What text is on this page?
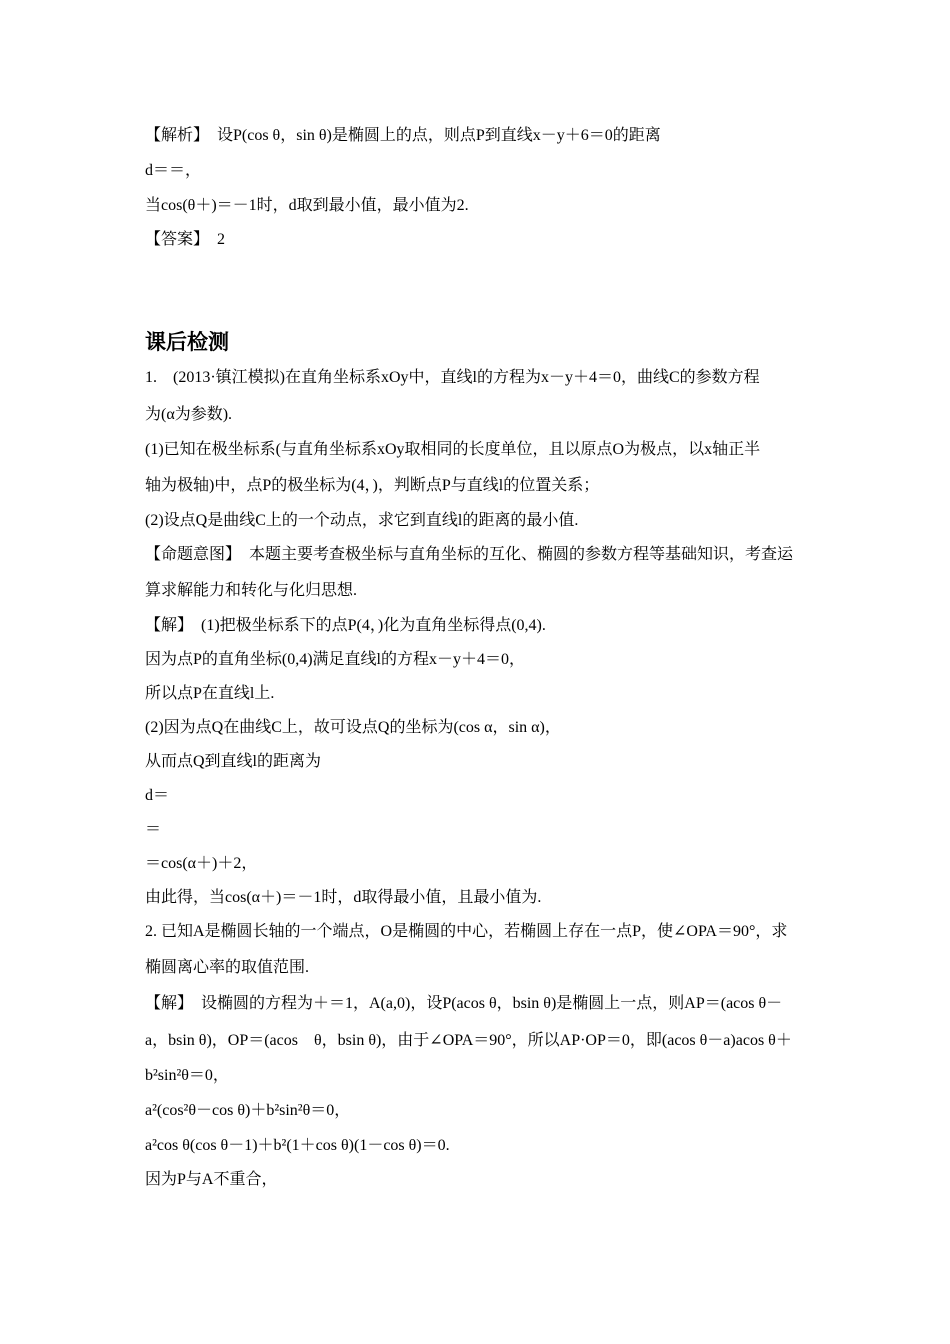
【解析】　设P(cos θ，sin θ)是椭圆上的点，则点P到直线x－y＋6＝0的距离
d＝＝，
当cos(θ＋)＝－1时，d取到最小值，最小值为2.
【答案】　2
课后检测
1.　(2013·镇江模拟)在直角坐标系xOy中，直线l的方程为x－y＋4＝0，曲线C的参数方程
为(α为参数).
(1)已知在极坐标系(与直角坐标系xOy取相同的长度单位，且以原点O为极点，以x轴正半
轴为极轴)中，点P的极坐标为(4，)，判断点P与直线l的位置关系；
(2)设点Q是曲线C上的一个动点，求它到直线l的距离的最小值.
【命题意图】　本题主要考查极坐标与直角坐标的互化、椭圆的参数方程等基础知识，考查运
算求解能力和转化与化归思想.
【解】　(1)把极坐标系下的点P(4，)化为直角坐标得点(0,4).
因为点P的直角坐标(0,4)满足直线l的方程x－y＋4＝0，
所以点P在直线l上.
(2)因为点Q在曲线C上，故可设点Q的坐标为(cos α，sin α)，
从而点Q到直线l的距离为
d＝
＝
＝cos(α＋)＋2，
由此得，当cos(α＋)＝－1时，d取得最小值，且最小值为.
2. 已知A是椭圆长轴的一个端点，O是椭圆的中心，若椭圆上存在一点P，使∠OPA＝90°，求
椭圆离心率的取值范围.
【解】　设椭圆的方程为＋＝1，A(a,0)，设P(acos θ，bsin θ)是椭圆上一点，则AP＝(acos θ－
a，bsin θ)，OP＝(acos　θ，bsin θ)，由于∠OPA＝90°，所以AP·OP＝0，即(acos θ－a)acos θ＋
b²sin²θ＝0，
a²(cos²θ－cos θ)＋b²sin²θ＝0，
a²cos θ(cos θ－1)＋b²(1＋cos θ)(1－cos θ)＝0.
因为P与A不重合，
